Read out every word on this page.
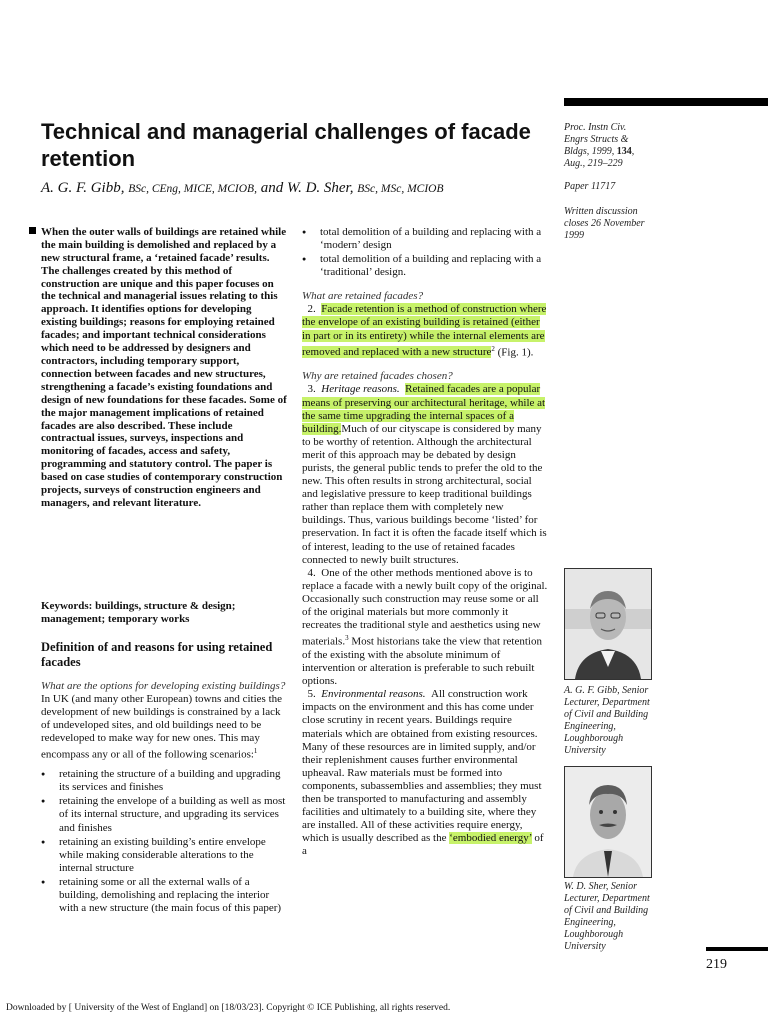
Technical and managerial challenges of facade retention

A. G. F. Gibb, BSc, CEng, MICE, MCIOB, and W. D. Sher, BSc, MSc, MCIOB

Proc. Instn Civ.
Engrs Structs &
Bldgs, 1999, 134,
Aug., 219–229
Paper 11717
Written discussion
closes 26 November
1999
When the outer walls of buildings are retained while the main building is demolished and replaced by a new structural frame, a ‘retained facade’ results. The challenges created by this method of construction are unique and this paper focuses on the technical and managerial issues relating to this approach. It identifies options for developing existing buildings; reasons for employing retained facades; and important technical considerations which need to be addressed by designers and contractors, including temporary support, connection between facades and new structures, strengthening a facade’s existing foundations and design of new foundations for these facades. Some of the major management implications of retained facades are also described. These include contractual issues, surveys, inspections and monitoring of facades, access and safety, programming and statutory control. The paper is based on case studies of contemporary construction projects, surveys of construction engineers and managers, and relevant literature.
Keywords: buildings, structure & design; management; temporary works
Definition of and reasons for using retained facades
What are the options for developing existing buildings?

In UK (and many other European) towns and cities the development of new buildings is constrained by a lack of undeveloped sites, and old buildings need to be redeveloped to make way for new ones. This may encompass any or all of the following scenarios:$^1$

● retaining the structure of a building and upgrading its services and finishes
● retaining the envelope of a building as well as most of its internal structure, and upgrading its services and finishes
● retaining an existing building’s entire envelope while making considerable alterations to the internal structure
● retaining some or all the external walls of a building, demolishing and replacing the interior with a new structure (the main focus of this paper)
● total demolition of a building and replacing with a ‘modern’ design
● total demolition of a building and replacing with a ‘traditional’ design.
What are retained facades?

2. Facade retention is a method of construction where the envelope of an existing building is retained (either in part or in its entirety) while the internal elements are removed and replaced with a new structure$^2$ (Fig. 1).

Why are retained facades chosen?

3. Heritage reasons. Retained facades are a popular means of preserving our architectural heritage, while at the same time upgrading the internal spaces of a building.Much of our cityscape is considered by many to be worthy of retention. Although the architectural merit of this approach may be debated by design purists, the general public tends to prefer the old to the new. This often results in strong architectural, social and legislative pressure to keep traditional buildings rather than replace them with completely new buildings. Thus, various buildings become ‘listed’ for preservation. In fact it is often the facade itself which is of interest, leading to the use of retained facades connected to newly built structures.

4. One of the other methods mentioned above is to replace a facade with a newly built copy of the original. Occasionally such construction may reuse some or all of the original materials but more commonly it recreates the traditional style and aesthetics using new materials.$^3$ Most historians take the view that retention of the existing with the absolute minimum of intervention or alteration is preferable to such rebuilt options.

5. Environmental reasons. All construction work impacts on the environment and this has come under close scrutiny in recent years. Buildings require materials which are obtained from existing resources. Many of these resources are in limited supply, and/or their replenishment causes further environmental upheaval. Raw materials must be formed into components, subassemblies and assemblies; they must then be transported to manufacturing and assembly facilities and ultimately to a building site, where they are installed. All of these activities require energy, which is usually described as the ‘embodied energy’ of a

A. G. F. Gibb, Senior
Lecturer, Department
of Civil and Building
Engineering,
Loughborough
University
W. D. Sher, Senior
Lecturer, Department
of Civil and Building
Engineering,
Loughborough
University
219
Downloaded by [ University of the West of England] on [18/03/23]. Copyright © ICE Publishing, all rights reserved.
